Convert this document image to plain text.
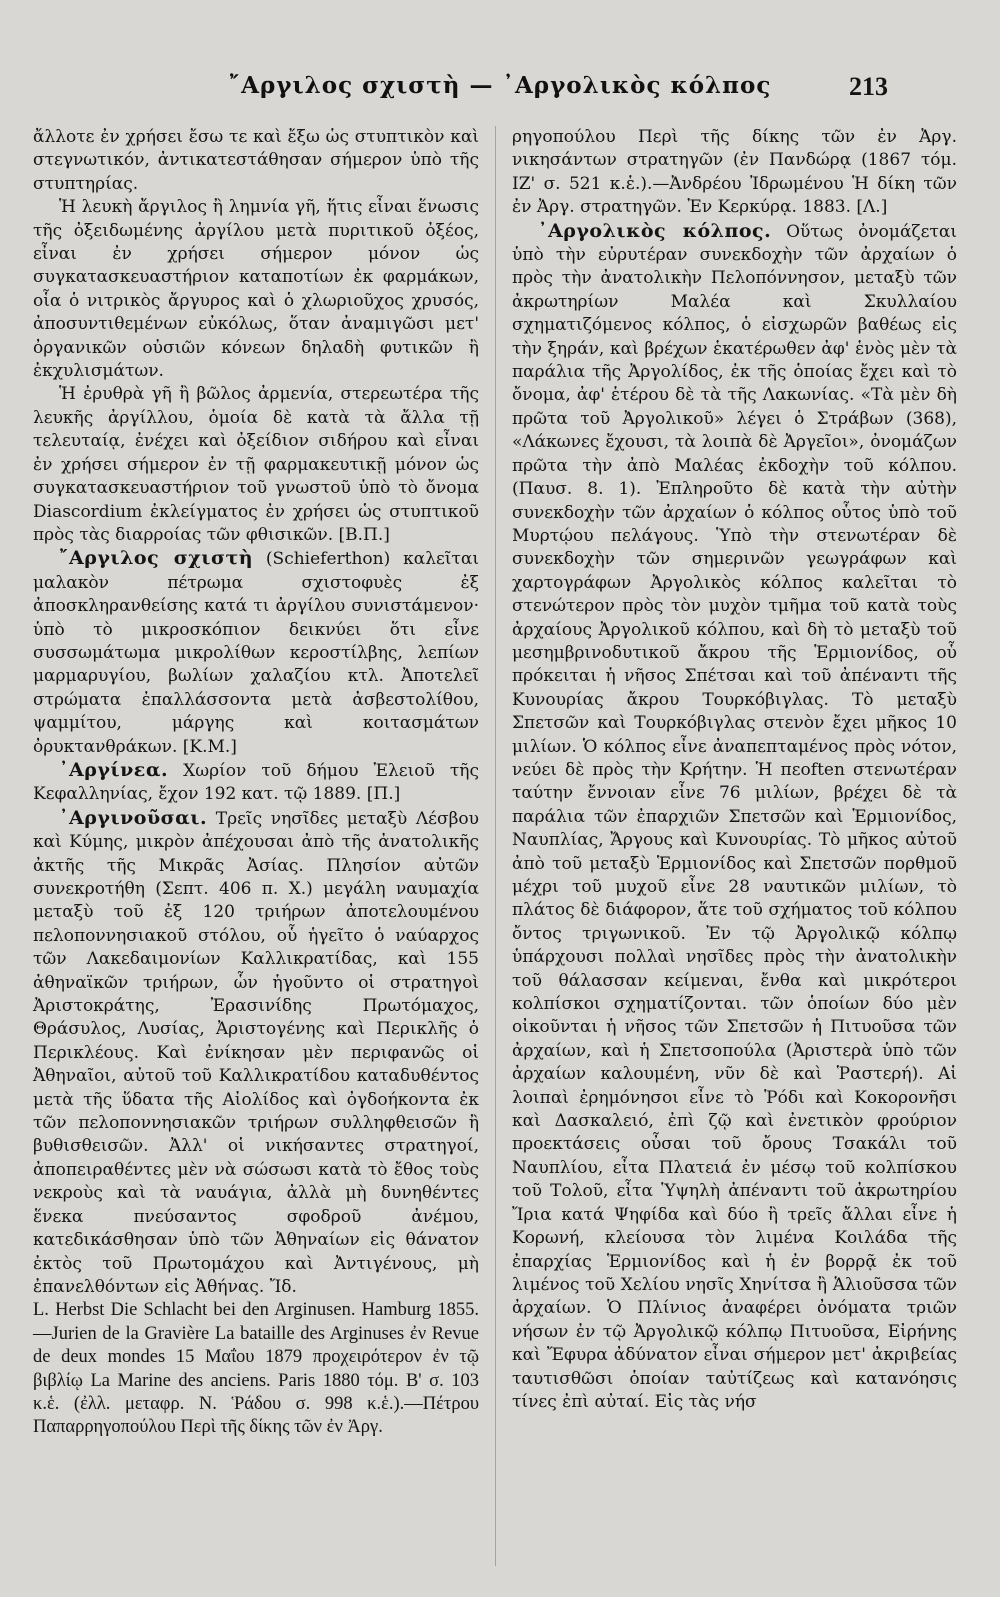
῎Αργιλος σχιστὴ — ᾿Αργολικὸς κόλπος	213

ἄλλοτε ἐν χρήσει ἔσω τε καὶ ἔξω ὡς στυπτικὸν καὶ στεγνωτικόν, ἀντικατεστάθησαν σήμερον ὑπὸ τῆς στυπτηρίας.

Ἡ λευκὴ ἄργιλος ἢ λημνία γῆ, ἥτις εἶναι ἕνωσις τῆς ὀξειδωμένης ἀργίλου μετὰ πυριτικοῦ ὀξέος, εἶναι ἐν χρήσει σήμερον μόνον ὡς συγκατασκευαστήριον καταποτίων ἐκ φαρμάκων, οἷα ὁ νιτρικὸς ἄργυρος καὶ ὁ χλωριοῦχος χρυσός, ἀποσυντιθεμένων εὐκόλως, ὅταν ἀναμιγῶσι μετ' ὀργανικῶν οὐσιῶν κόνεων δηλαδὴ φυτικῶν ἢ ἐκχυλισμάτων.

Ἡ ἐρυθρὰ γῆ ἢ βῶλος ἀρμενία, στερεωτέρα τῆς λευκῆς ἀργίλλου, ὁμοία δὲ κατὰ τὰ ἄλλα τῇ τελευταίᾳ, ἐνέχει καὶ ὀξείδιον σιδήρου καὶ εἶναι ἐν χρήσει σήμερον ἐν τῇ φαρμακευτικῇ μόνον ὡς συγκατασκευαστήριον τοῦ γνωστοῦ ὑπὸ τὸ ὄνομα Diascordium ἐκλείγματος ἐν χρήσει ὡς στυπτικοῦ πρὸς τὰς διαρροίας τῶν φθισικῶν. [Β.Π.]

῎Αργιλος σχιστὴ (Schieferthon) καλεῖται μαλακὸν πέτρωμα σχιστοφυὲς ἐξ ἀποσκληρανθείσης κατά τι ἀργίλου συνιστάμενον· ὑπὸ τὸ μικροσκόπιον δεικνύει ὅτι εἶνε συσσωμάτωμα μικρολίθων κεροστίλβης, λεπίων μαρμαρυγίου, βωλίων χαλαζίου κτλ. Ἀποτελεῖ στρώματα ἐπαλλάσσοντα μετὰ ἀσβεστολίθου, ψαμμίτου, μάργης καὶ κοιτασμάτων ὀρυκτανθράκων. [Κ.Μ.]

᾿Αργίνεα. Χωρίον τοῦ δήμου Ἐλειοῦ τῆς Κεφαλληνίας, ἔχον 192 κατ. τῷ 1889. [Π.]

᾿Αργινοῦσαι. Τρεῖς νησῖδες μεταξὺ Λέσβου καὶ Κύμης, μικρὸν ἀπέχουσαι ἀπὸ τῆς ἀνατολικῆς ἀκτῆς τῆς Μικρᾶς Ἀσίας. Πλησίον αὐτῶν συνεκροτήθη (Σεπτ. 406 π. Χ.) μεγάλη ναυμαχία μεταξὺ τοῦ ἐξ 120 τριήρων ἀποτελουμένου πελοποννησιακοῦ στόλου, οὗ ἡγεῖτο ὁ ναύαρχος τῶν Λακεδαιμονίων Καλλικρατίδας, καὶ 155 ἀθηναϊκῶν τριήρων, ὧν ἡγοῦντο οἱ στρατηγοὶ Ἀριστοκράτης, Ἐρασινίδης Πρωτόμαχος, Θράσυλος, Λυσίας, Ἀριστογένης καὶ Περικλῆς ὁ Περικλέους. Καὶ ἐνίκησαν μὲν περιφανῶς οἱ Ἀθηναῖοι, αὐτοῦ τοῦ Καλλικρατίδου καταδυθέντος μετὰ τῆς ὕδατα τῆς Αἰολίδος καὶ ὀγδοήκοντα ἐκ τῶν πελοποννησιακῶν τριήρων συλληφθεισῶν ἢ βυθισθεισῶν. Ἀλλ' οἱ νικήσαντες στρατηγοί, ἀποπειραθέντες μὲν νὰ σώσωσι κατὰ τὸ ἔθος τοὺς νεκροὺς καὶ τὰ ναυάγια, ἀλλὰ μὴ δυνηθέντες ἕνεκα πνεύσαντος σφοδροῦ ἀνέμου, κατεδικάσθησαν ὑπὸ τῶν Ἀθηναίων εἰς θάνατον ἐκτὸς τοῦ Πρωτομάχου καὶ Ἀντιγένους, μὴ ἐπανελθόντων εἰς Ἀθήνας. Ἴδ.

L. Herbst Die Schlacht bei den Arginusen. Hamburg 1855.—Jurien de la Gravière La bataille des Arginuses ἐν Revue de deux mondes 15 Μαΐου 1879 προχειρότερον ἐν τῷ βιβλίῳ La Marine des anciens. Paris 1880 τόμ. Β' σ. 103 κ.ἑ. (ἐλλ. μεταφρ. Ν. Ῥάδου σ. 998 κ.ἑ.).—Πέτρου Παπαρρηγοπούλου Περὶ τῆς δίκης τῶν ἐν Ἀργ.

ρηγοπούλου Περὶ τῆς δίκης τῶν ἐν Ἀργ. νικησάντων στρατηγῶν (ἐν Πανδώρᾳ (1867 τόμ. ΙΖ' σ. 521 κ.ἑ.).—Ἀνδρέου Ἰδρωμένου Ἡ δίκη τῶν ἐν Ἀργ. στρατηγῶν. Ἐν Κερκύρᾳ. 1883. [Λ.]

᾿Αργολικὸς κόλπος. Οὕτως ὀνομάζεται ὑπὸ τὴν εὐρυτέραν συνεκδοχὴν τῶν ἀρχαίων ὁ πρὸς τὴν ἀνατολικὴν Πελοπόννησον, μεταξὺ τῶν ἀκρωτηρίων Μαλέα καὶ Σκυλλαίου σχηματιζόμενος κόλπος, ὁ εἰσχωρῶν βαθέως εἰς τὴν ξηράν, καὶ βρέχων ἑκατέρωθεν ἀφ' ἑνὸς μὲν τὰ παράλια τῆς Ἀργολίδος, ἐκ τῆς ὁποίας ἔχει καὶ τὸ ὄνομα, ἀφ' ἑτέρου δὲ τὰ τῆς Λακωνίας. «Τὰ μὲν δὴ πρῶτα τοῦ Ἀργολικοῦ» λέγει ὁ Στράβων (368), «Λάκωνες ἔχουσι, τὰ λοιπὰ δὲ Ἀργεῖοι», ὀνομάζων πρῶτα τὴν ἀπὸ Μαλέας ἐκδοχὴν τοῦ κόλπου. (Παυσ. 8. 1). Ἐπληροῦτο δὲ κατὰ τὴν αὐτὴν συνεκδοχὴν τῶν ἀρχαίων ὁ κόλπος οὗτος ὑπὸ τοῦ Μυρτῴου πελάγους. Ὑπὸ τὴν στενωτέραν δὲ συνεκδοχὴν τῶν σημερινῶν γεωγράφων καὶ χαρτογράφων Ἀργολικὸς κόλπος καλεῖται τὸ στενώτερον πρὸς τὸν μυχὸν τμῆμα τοῦ κατὰ τοὺς ἀρχαίους Ἀργολικοῦ κόλπου, καὶ δὴ τὸ μεταξὺ τοῦ μεσημβρινοδυτικοῦ ἄκρου τῆς Ἑρμιονίδος, οὗ πρόκειται ἡ νῆσος Σπέτσαι καὶ τοῦ ἀπέναντι τῆς Κυνουρίας ἄκρου Τουρκόβιγλας. Τὸ μεταξὺ Σπετσῶν καὶ Τουρκόβιγλας στενὸν ἔχει μῆκος 10 μιλίων. Ὁ κόλπος εἶνε ἀναπεπταμένος πρὸς νότον, νεύει δὲ πρὸς τὴν Κρήτην. Ἡ πεoften στενωτέραν ταύτην ἔννοιαν εἶνε 76 μιλίων, βρέχει δὲ τὰ παράλια τῶν ἐπαρχιῶν Σπετσῶν καὶ Ἑρμιονίδος, Ναυπλίας, Ἄργους καὶ Κυνουρίας. Τὸ μῆκος αὐτοῦ ἀπὸ τοῦ μεταξὺ Ἑρμιονίδος καὶ Σπετσῶν πορθμοῦ μέχρι τοῦ μυχοῦ εἶνε 28 ναυτικῶν μιλίων, τὸ πλάτος δὲ διάφορον, ἅτε τοῦ σχήματος τοῦ κόλπου ὄντος τριγωνικοῦ. Ἐν τῷ Ἀργολικῷ κόλπῳ ὑπάρχουσι πολλαὶ νησῖδες πρὸς τὴν ἀνατολικὴν τοῦ θάλασσαν κείμεναι, ἔνθα καὶ μικρότεροι κολπίσκοι σχηματίζονται. τῶν ὁποίων δύο μὲν οἰκοῦνται ἡ νῆσος τῶν Σπετσῶν ἡ Πιτυοῦσα τῶν ἀρχαίων, καὶ ἡ Σπετσοπούλα (Ἀριστερὰ ὑπὸ τῶν ἀρχαίων καλουμένη, νῦν δὲ καὶ Ῥαστερή). Αἱ λοιπαὶ ἐρημόνησοι εἶνε τὸ Ῥόδι καὶ Κοκορονῆσι καὶ Δασκαλειό, ἐπὶ ζῷ καὶ ἐνετικὸν φρούριον προεκτάσεις οὖσαι τοῦ ὄρους Τσακάλι τοῦ Ναυπλίου, εἶτα Πλατειά ἐν μέσῳ τοῦ κολπίσκου τοῦ Τολοῦ, εἶτα Ὑψηλὴ ἀπέναντι τοῦ ἀκρωτηρίου Ἴρια κατά Ψηφίδα καὶ δύο ἢ τρεῖς ἄλλαι εἶνε ἡ Κορωνή, κλείουσα τὸν λιμένα Κοιλάδα τῆς ἐπαρχίας Ἑρμιονίδος καὶ ἡ ἐν βορρᾷ ἐκ τοῦ λιμένος τοῦ Χελίου νησῖς Χηνίτσα ἢ Ἁλιοῦσσα τῶν ἀρχαίων. Ὁ Πλίνιος ἀναφέρει ὀνόματα τριῶν νήσων ἐν τῷ Ἀργολικῷ κόλπῳ Πιτυοῦσα, Εἰρήνης καὶ Ἔφυρα ἀδύνατον εἶναι σήμερον μετ' ἀκριβείας ταυτισθῶσι ὁποίαν ταὐτίζεως καὶ κατανόησις τίνες ἐπὶ αὐταί. Εἰς τὰς νήσ
